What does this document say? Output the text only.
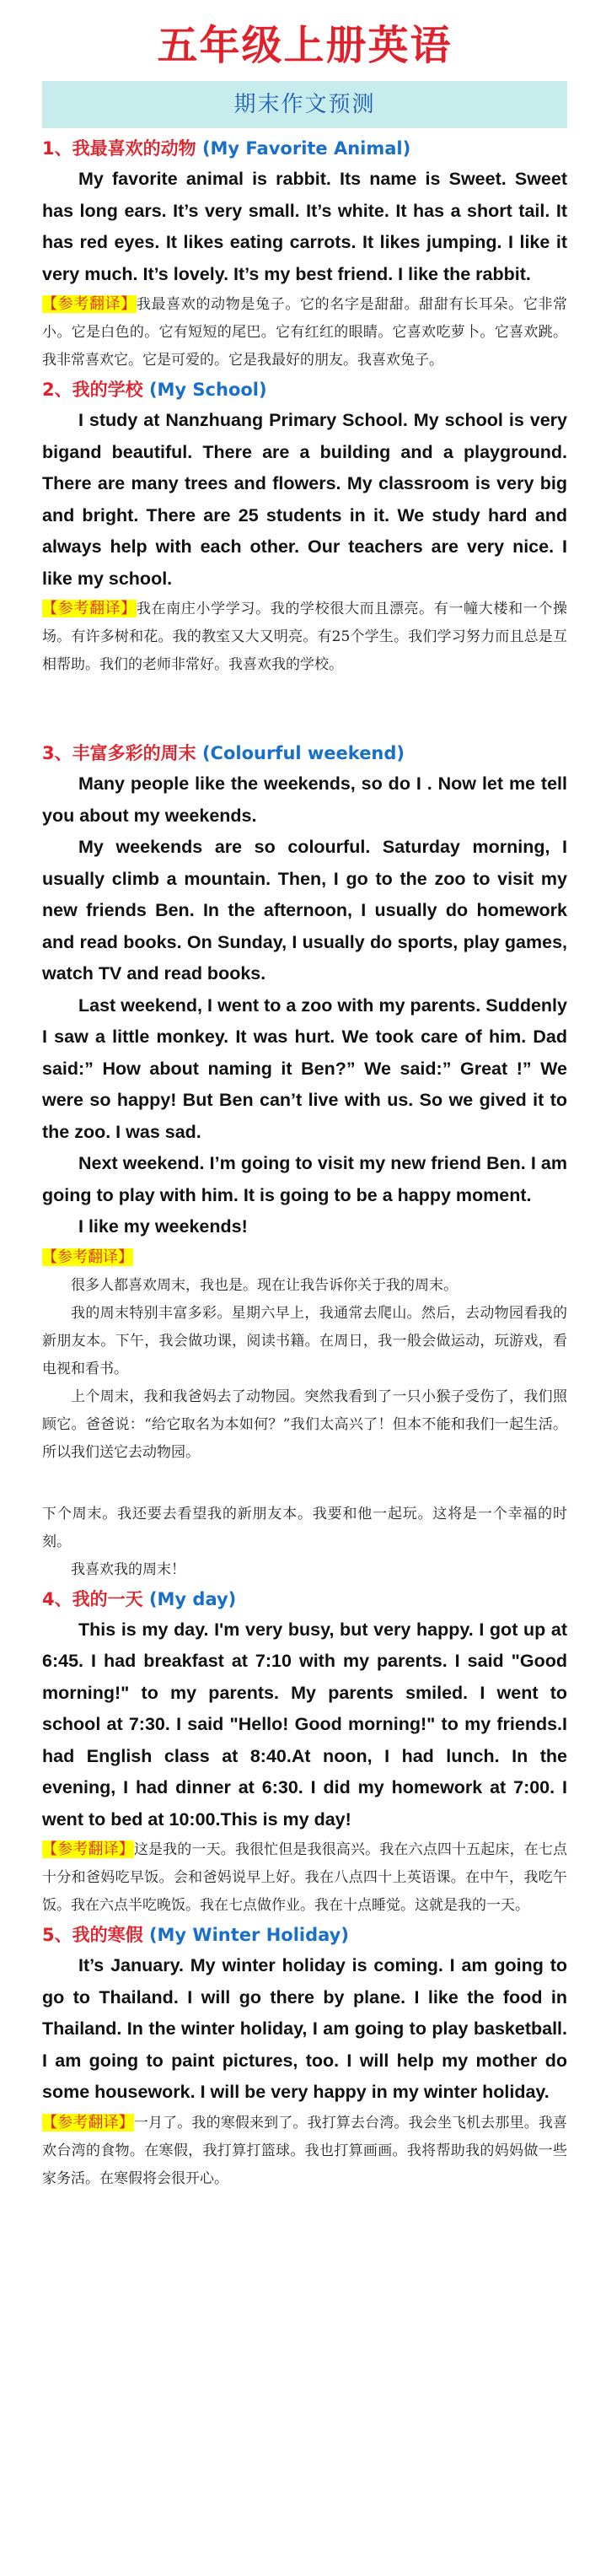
五年级上册英语
期末作文预测

1、我最喜欢的动物 (My Favorite Animal)

My favorite animal is rabbit. Its name is Sweet. Sweet has long ears. It’s very small. It’s white. It has a short tail. It has red eyes. It likes eating carrots. It likes jumping. I like it very much. It’s lovely. It’s my best friend. I like the rabbit.

【参考翻译】我最喜欢的动物是兔子。它的名字是甜甜。甜甜有长耳朵。它非常小。它是白色的。它有短短的尾巴。它有红红的眼睛。它喜欢吃萝卜。它喜欢跳。我非常喜欢它。它是可爱的。它是我最好的朋友。我喜欢兔子。

2、我的学校 (My School)

I study at Nanzhuang Primary School. My school is very bigand beautiful. There are a building and a playground. There are many trees and flowers. My classroom is very big and bright. There are 25 students in it. We study hard and always help with each other. Our teachers are very nice. I like my school.

【参考翻译】我在南庄小学学习。我的学校很大而且漂亮。有一幢大楼和一个操场。有许多树和花。我的教室又大又明亮。有25个学生。我们学习努力而且总是互相帮助。我们的老师非常好。我喜欢我的学校。

3、丰富多彩的周末 (Colourful weekend)

Many people like the weekends, so do I . Now let me tell you about my weekends.

My weekends are so colourful. Saturday morning, I usually climb a mountain. Then, I go to the zoo to visit my new friends Ben. In the afternoon, I usually do homework and read books. On Sunday, I usually do sports, play games, watch TV and read books.

Last weekend, I went to a zoo with my parents. Suddenly I saw a little monkey. It was hurt. We took care of him. Dad said:” How about naming it Ben?” We said:” Great !” We were so happy! But Ben can’t live with us. So we gived it to the zoo. I was sad.

Next weekend. I’m going to visit my new friend Ben. I am going to play with him. It is going to be a happy moment.

I like my weekends!

【参考翻译】

很多人都喜欢周末，我也是。现在让我告诉你关于我的周末。

我的周末特别丰富多彩。星期六早上，我通常去爬山。然后，去动物园看我的新朋友本。下午，我会做功课，阅读书籍。在周日，我一般会做运动，玩游戏，看电视和看书。

上个周末，我和我爸妈去了动物园。突然我看到了一只小猴子受伤了，我们照顾它。爸爸说：“给它取名为本如何？”我们太高兴了！但本不能和我们一起生活。所以我们送它去动物园。

下个周末。我还要去看望我的新朋友本。我要和他一起玩。这将是一个幸福的时刻。

我喜欢我的周末！

4、我的一天 (My day)

This is my day. I'm very busy, but very happy. I got up at 6:45. I had breakfast at 7:10 with my parents. I said "Good morning!" to my parents. My parents smiled. I went to school at 7:30. I said "Hello! Good morning!" to my friends.I had English class at 8:40.At noon, I had lunch. In the evening, I had dinner at 6:30. I did my homework at 7:00. I went to bed at 10:00.This is my day!

【参考翻译】这是我的一天。我很忙但是我很高兴。我在六点四十五起床，在七点十分和爸妈吃早饭。会和爸妈说早上好。我在八点四十上英语课。在中午，我吃午饭。我在六点半吃晚饭。我在七点做作业。我在十点睡觉。这就是我的一天。

5、我的寒假 (My Winter Holiday)

It’s January. My winter holiday is coming. I am going to go to Thailand. I will go there by plane. I like the food in Thailand. In the winter holiday, I am going to play basketball. I am going to paint pictures, too. I will help my mother do some housework. I will be very happy in my winter holiday.

【参考翻译】一月了。我的寒假来到了。我打算去台湾。我会坐飞机去那里。我喜欢台湾的食物。在寒假，我打算打篮球。我也打算画画。我将帮助我的妈妈做一些家务活。在寒假将会很开心。
